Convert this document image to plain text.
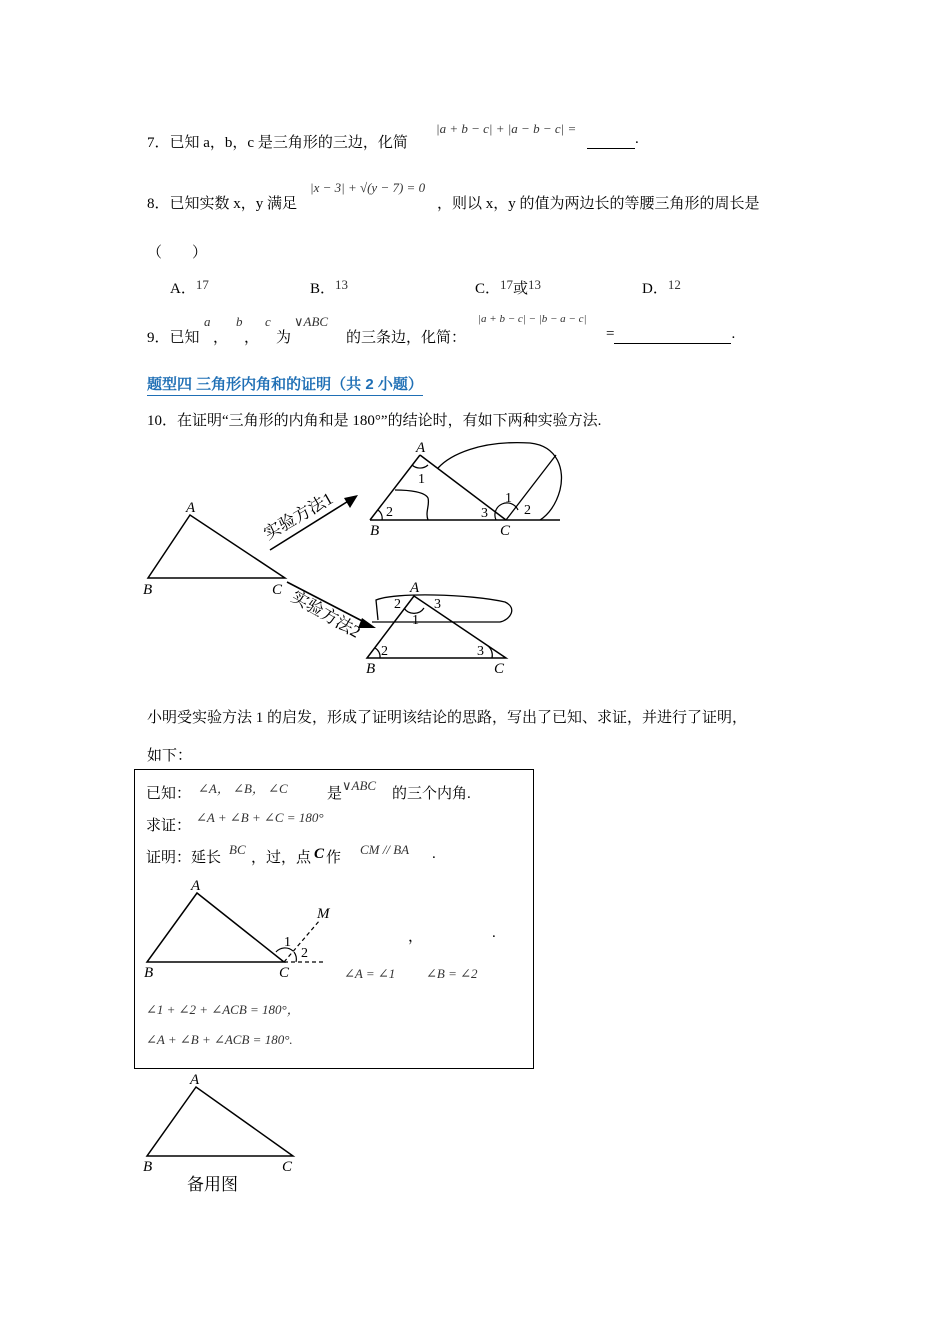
7．已知 a，b，c 是三角形的三边，化简
|a + b − c| + |a − b − c| =
.
8．已知实数 x，y 满足
|x − 3| + √(y − 7) = 0
，则以 x，y 的值为两边长的等腰三角形的周长是
（　　）
A．17	B．13	C．17或13	D．12
9．已知
a
，
b
，
c
为
∨ABC
的三条边，化简：
|a + b − c| − |b − a − c|
=	.
题型四 三角形内角和的证明（共 2 小题）
10．在证明“三角形的内角和是 180°”的结论时，有如下两种实验方法.
A
B	C
实验方法1
实验方法2
A
B	C
1
2	3
1
2
A
B	C
2 3
1
2	3
小明受实验方法 1 的启发，形成了证明该结论的思路，写出了已知、求证，并进行了证明，
如下：
已知： ∠A， ∠B， ∠C	是
∨ABC
的三个内角.
求证：
∠A + ∠B + ∠C = 180°
证明：延长
BC
，过，点 C 作
CM // BA .
A
B	C
M
1
2
，	.
∠A = ∠1 ∠B = ∠2
∠1 + ∠2 + ∠ACB = 180°，
∠A + ∠B + ∠ACB = 180°.
A
B	C
备用图
